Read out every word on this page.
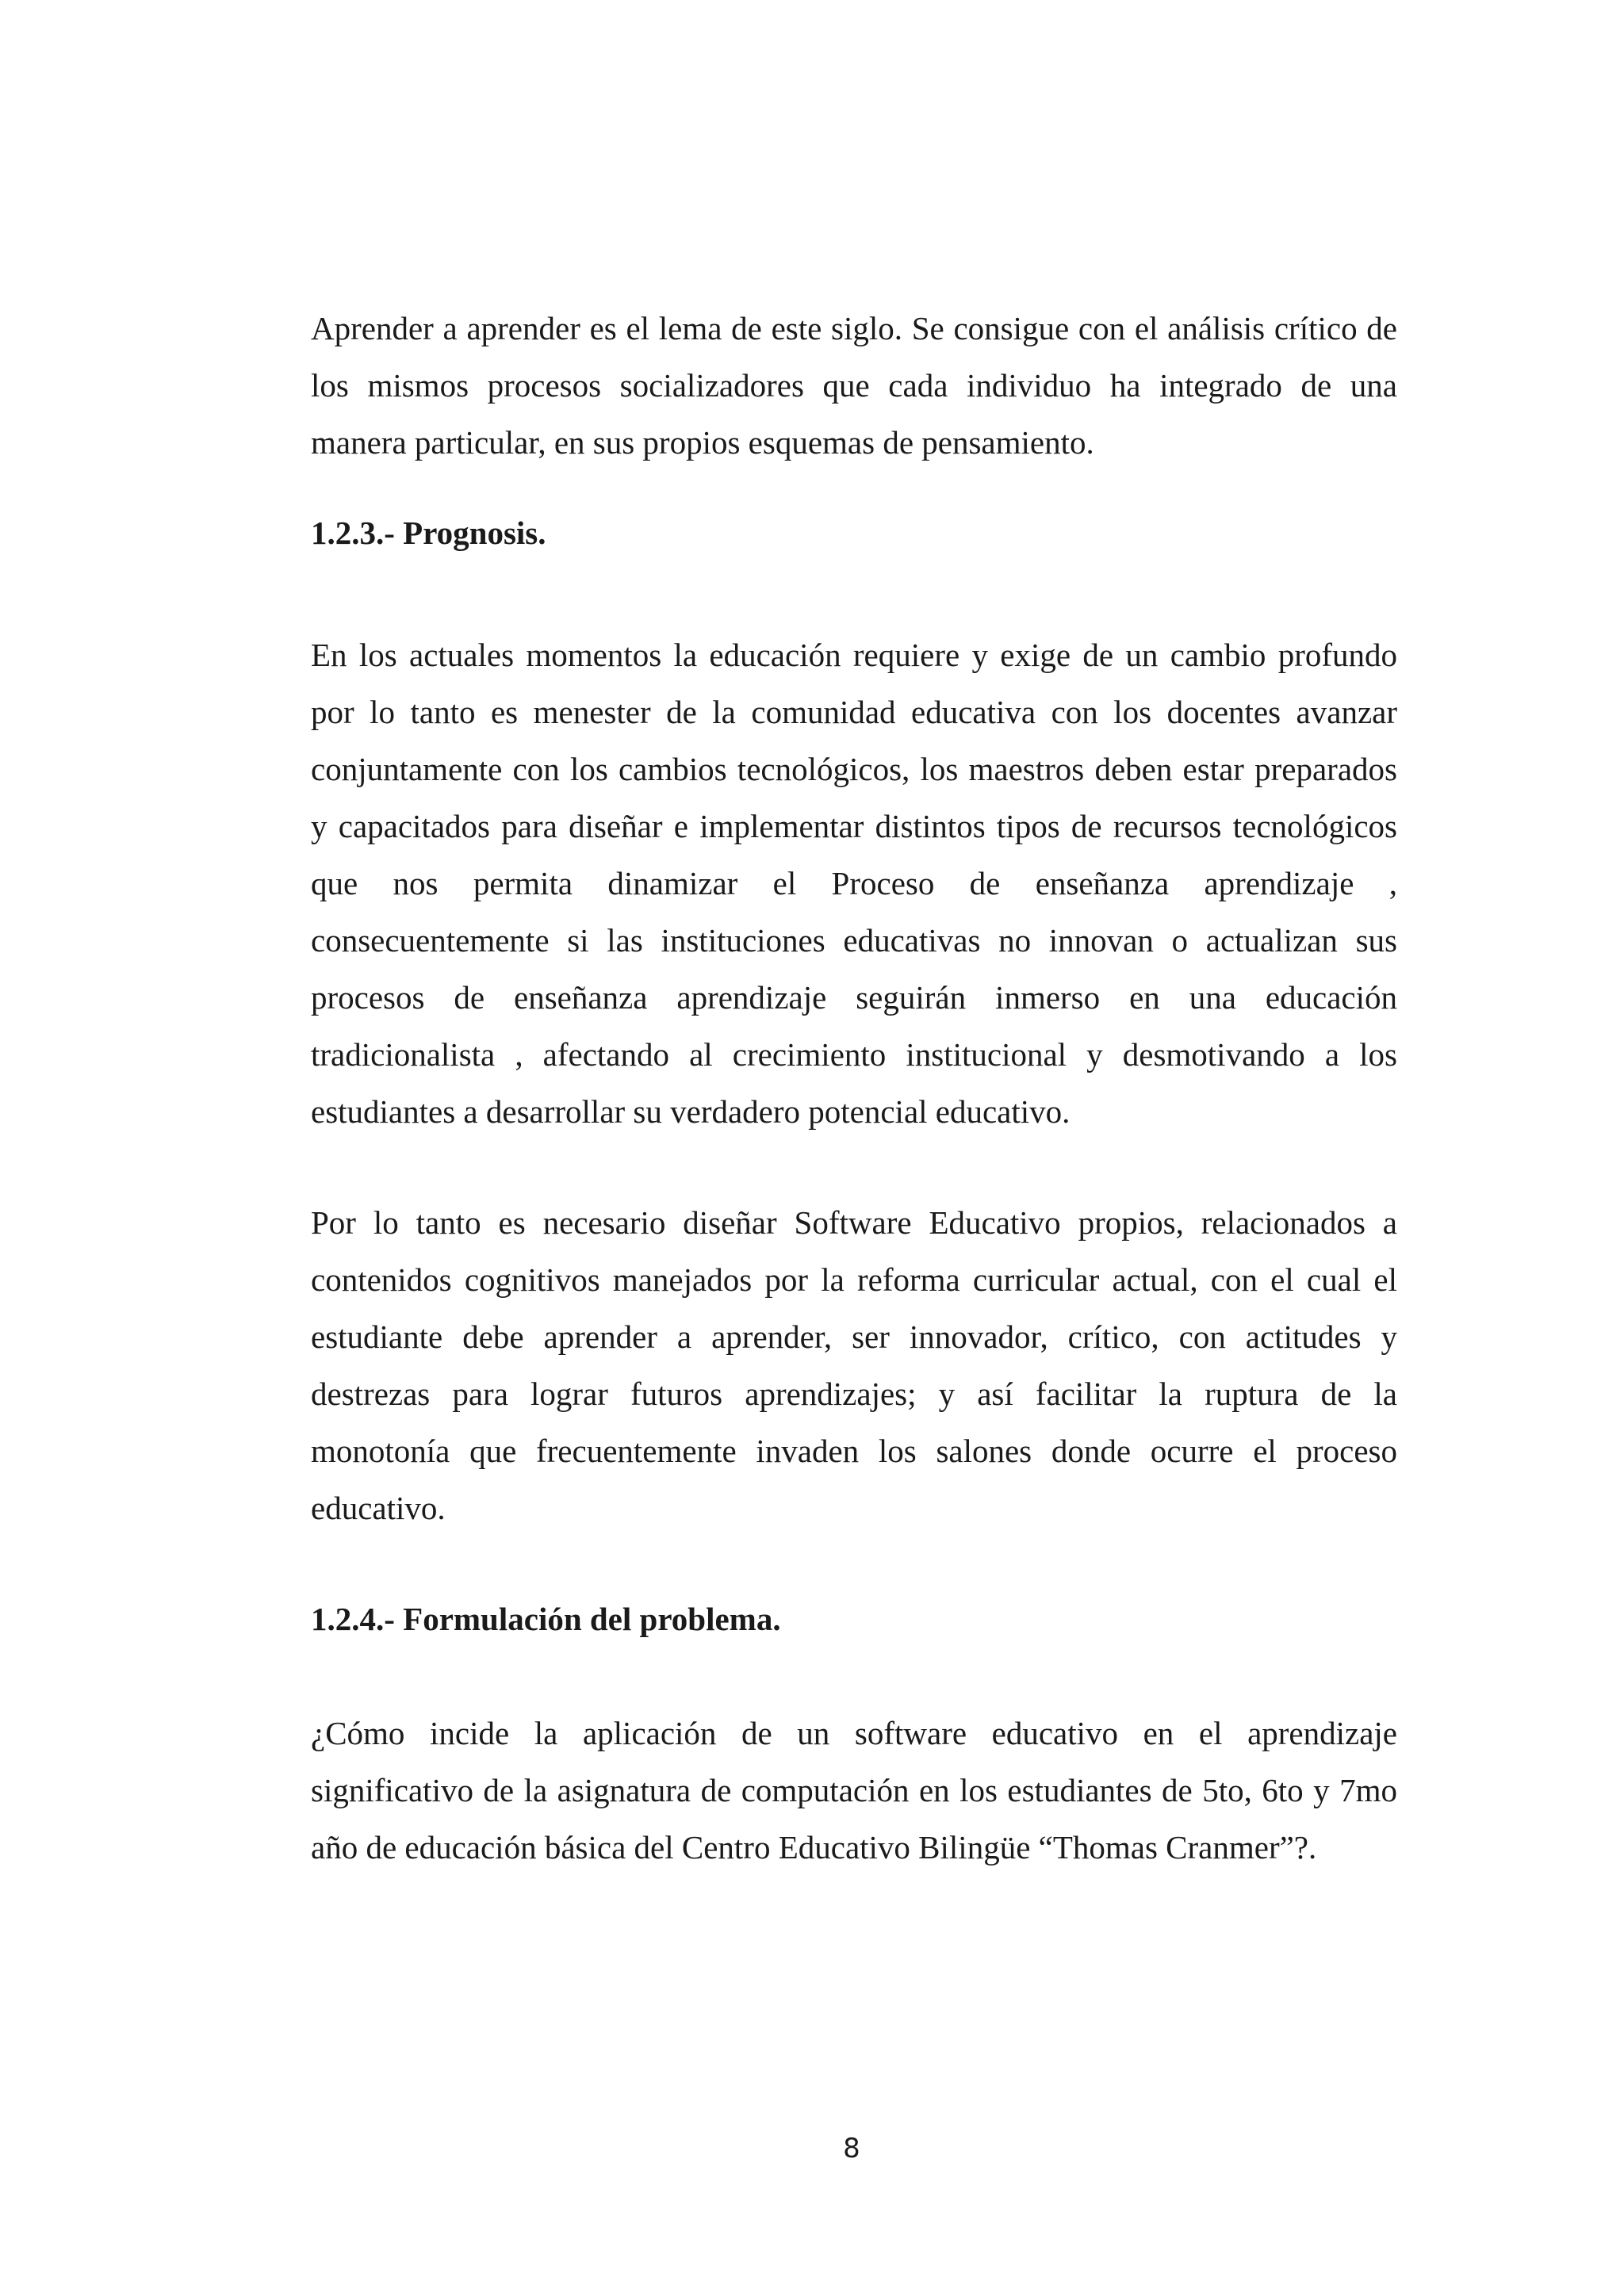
Aprender a aprender es el lema de este siglo. Se consigue con el análisis crítico de
los mismos procesos socializadores que cada individuo ha integrado de una
manera particular, en sus propios esquemas de pensamiento.
1.2.3.- Prognosis.
En los actuales momentos la educación requiere y exige de un cambio profundo
por lo tanto es menester de la comunidad educativa con los docentes avanzar
conjuntamente con los cambios tecnológicos, los maestros deben estar preparados
y capacitados para diseñar e implementar distintos tipos de recursos tecnológicos
que nos permita dinamizar el Proceso de enseñanza aprendizaje ,
consecuentemente si las instituciones educativas no innovan o actualizan sus
procesos de enseñanza aprendizaje seguirán inmerso en una educación
tradicionalista , afectando al crecimiento institucional y desmotivando a los
estudiantes a desarrollar su verdadero potencial educativo.
Por lo tanto es necesario diseñar Software Educativo propios, relacionados a
contenidos cognitivos manejados por la reforma curricular actual, con el cual el
estudiante debe aprender a aprender, ser innovador, crítico, con actitudes y
destrezas para lograr futuros aprendizajes; y así facilitar la ruptura de la
monotonía que frecuentemente invaden los salones donde ocurre el proceso
educativo.
1.2.4.- Formulación del problema.
¿Cómo incide la aplicación de un software educativo en el aprendizaje
significativo de la asignatura de computación en los estudiantes de 5to, 6to y 7mo
año de educación básica del Centro Educativo Bilingüe “Thomas Cranmer”?.
8
